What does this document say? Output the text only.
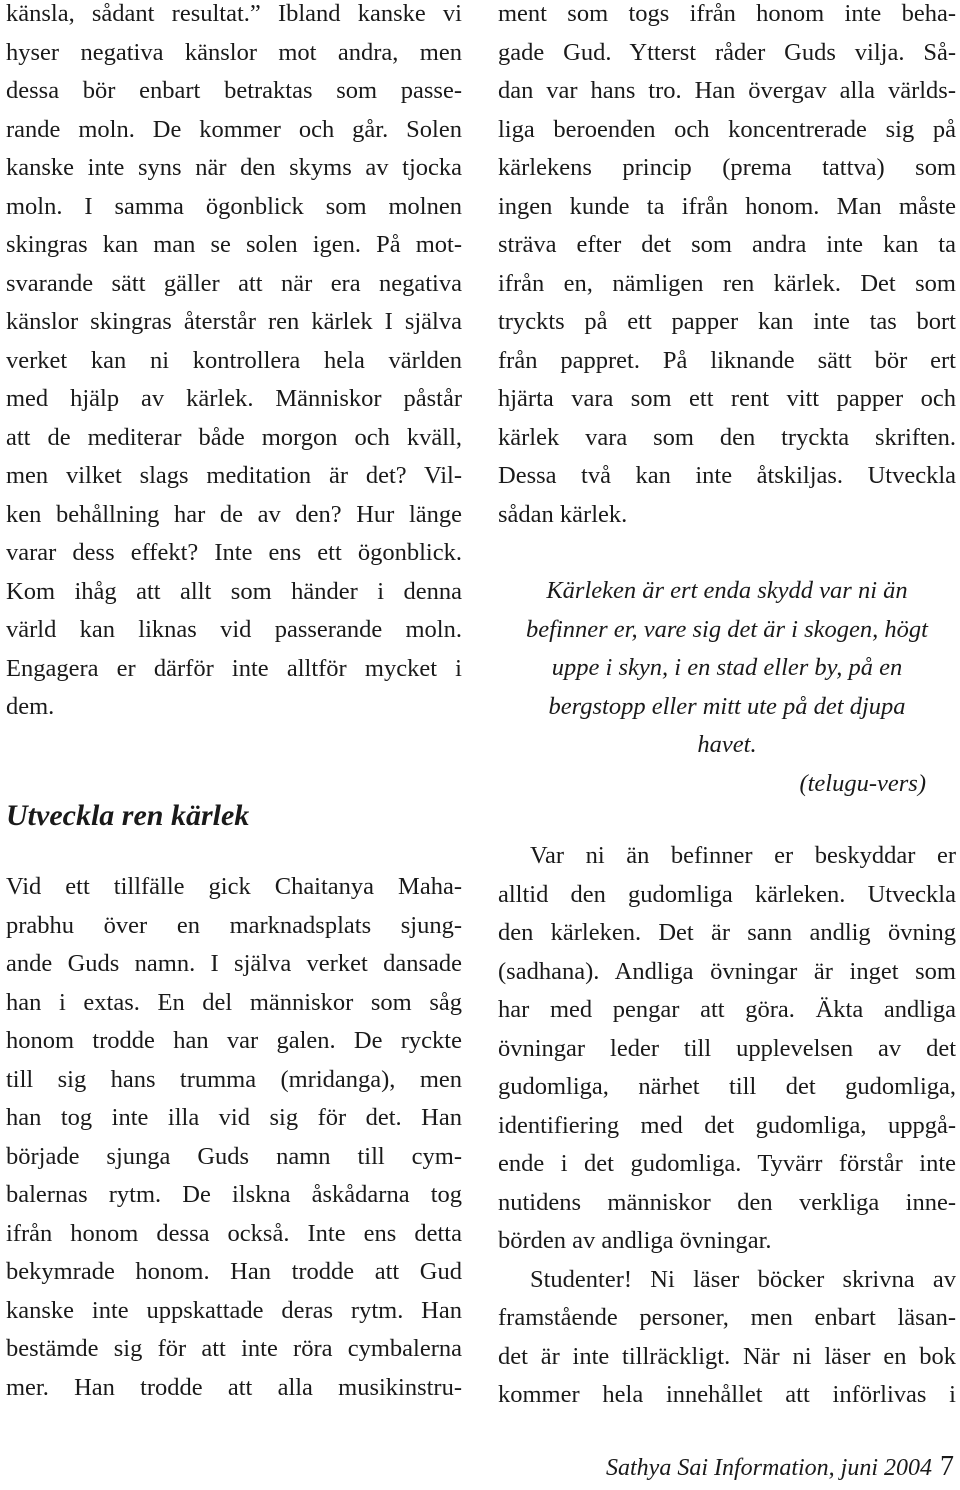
känsla, sådant resultat.” Ibland kanske vi
hyser negativa känslor mot andra, men
dessa bör enbart betraktas som passe-
rande moln. De kommer och går. Solen
kanske inte syns när den skyms av tjocka
moln. I samma ögonblick som molnen
skingras kan man se solen igen. På mot-
svarande sätt gäller att när era negativa
känslor skingras återstår ren kärlek I själva
verket kan ni kontrollera hela världen
med hjälp av kärlek. Människor påstår
att de mediterar både morgon och kväll,
men vilket slags meditation är det? Vil-
ken behållning har de av den? Hur länge
varar dess effekt? Inte ens ett ögonblick.
Kom ihåg att allt som händer i denna
värld kan liknas vid passerande moln.
Engagera er därför inte alltför mycket i
dem.
Utveckla ren kärlek
Vid ett tillfälle gick Chaitanya Maha-
prabhu över en marknadsplats sjung-
ande Guds namn. I själva verket dansade
han i extas. En del människor som såg
honom trodde han var galen. De ryckte
till sig hans trumma (mridanga), men
han tog inte illa vid sig för det. Han
började sjunga Guds namn till cym-
balernas rytm. De ilskna åskådarna tog
ifrån honom dessa också. Inte ens detta
bekymrade honom. Han trodde att Gud
kanske inte uppskattade deras rytm. Han
bestämde sig för att inte röra cymbalerna
mer. Han trodde att alla musikinstru-
ment som togs ifrån honom inte beha-
gade Gud. Ytterst råder Guds vilja. Så-
dan var hans tro. Han övergav alla världs-
liga beroenden och koncentrerade sig på
kärlekens princip (prema tattva) som
ingen kunde ta ifrån honom. Man måste
sträva efter det som andra inte kan ta
ifrån en, nämligen ren kärlek. Det som
tryckts på ett papper kan inte tas bort
från pappret. På liknande sätt bör ert
hjärta vara som ett rent vitt papper och
kärlek vara som den tryckta skriften.
Dessa två kan inte åtskiljas. Utveckla
sådan kärlek.
Kärleken är ert enda skydd var ni än
befinner er, vare sig det är i skogen, högt
uppe i skyn, i en stad eller by, på en
bergstopp eller mitt ute på det djupa
havet.
(telugu-vers)
Var ni än befinner er beskyddar er
alltid den gudomliga kärleken. Utveckla
den kärleken. Det är sann andlig övning
(sadhana). Andliga övningar är inget som
har med pengar att göra. Äkta andliga
övningar leder till upplevelsen av det
gudomliga, närhet till det gudomliga,
identifiering med det gudomliga, uppgå-
ende i det gudomliga. Tyvärr förstår inte
nutidens människor den verkliga inne-
börden av andliga övningar.
Studenter! Ni läser böcker skrivna av
framstående personer, men enbart läsan-
det är inte tillräckligt. När ni läser en bok
kommer hela innehållet att införlivas i
Sathya Sai Information, juni 2004 7
